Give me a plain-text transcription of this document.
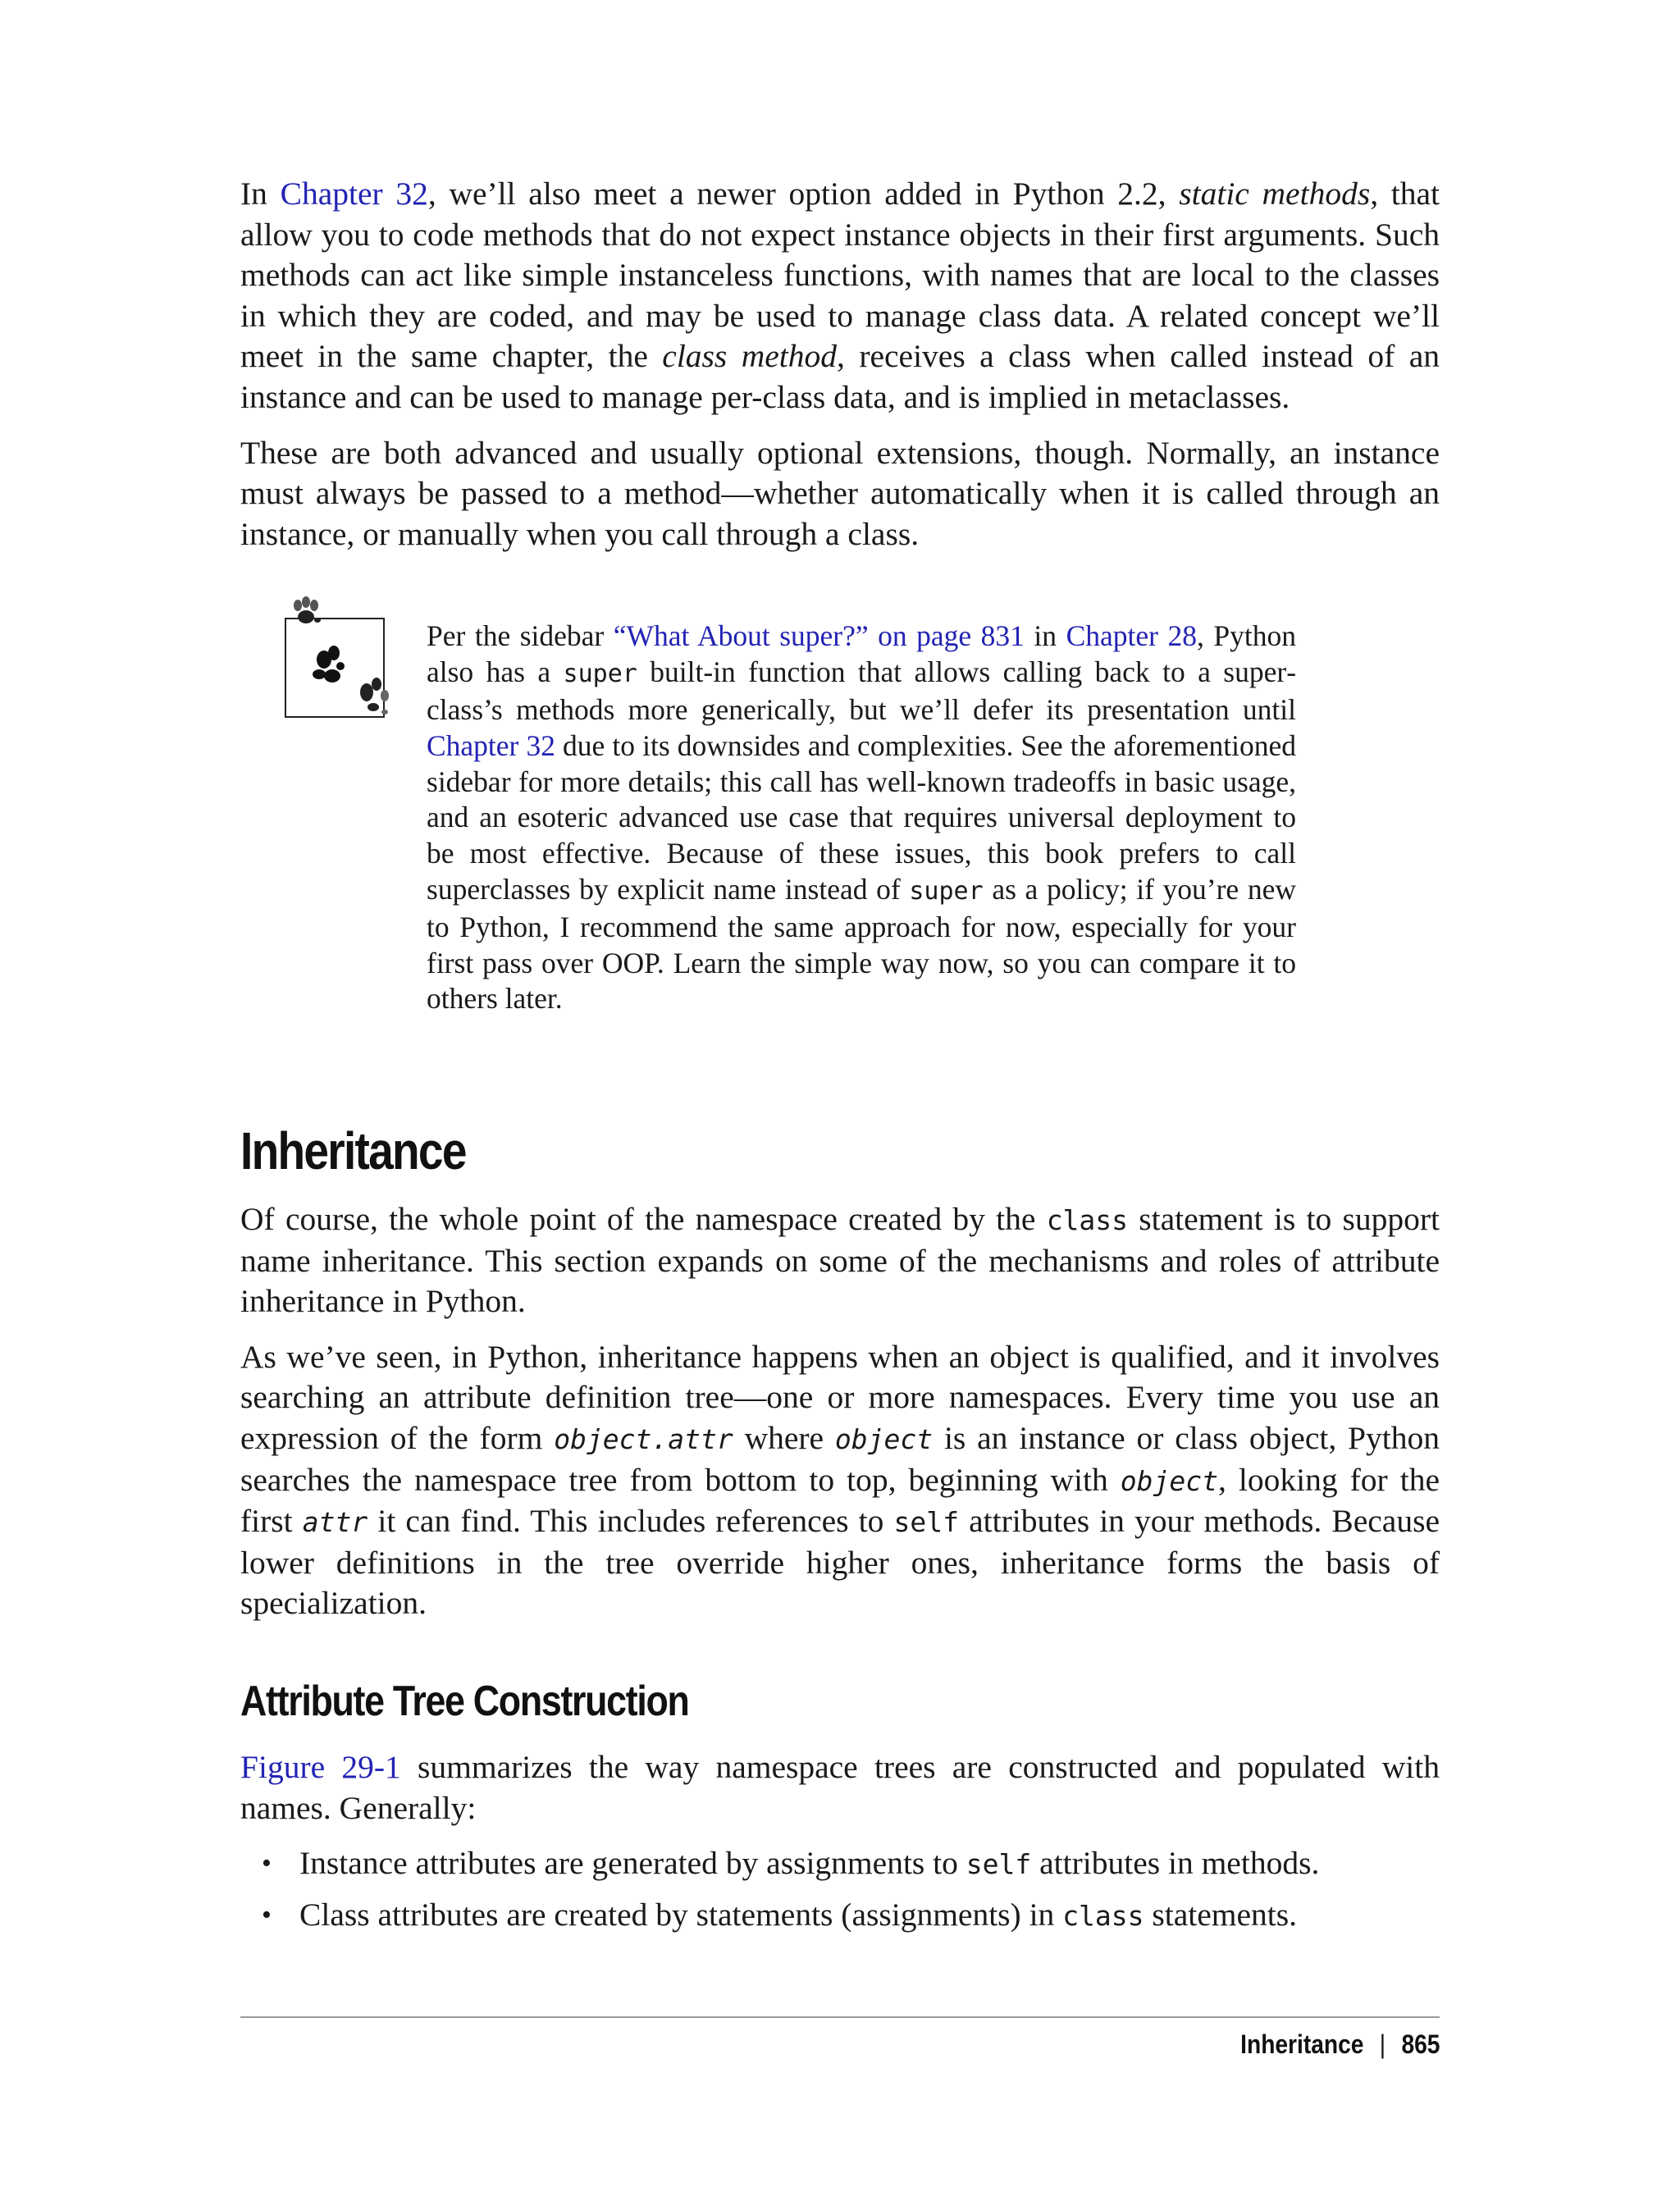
In Chapter 32, we’ll also meet a newer option added in Python 2.2, static methods, that allow you to code methods that do not expect instance objects in their first arguments. Such methods can act like simple instanceless functions, with names that are local to the classes in which they are coded, and may be used to manage class data. A related concept we’ll meet in the same chapter, the class method, receives a class when called instead of an instance and can be used to manage per-class data, and is implied in metaclasses.

These are both advanced and usually optional extensions, though. Normally, an instance must always be passed to a method—whether automatically when it is called through an instance, or manually when you call through a class.

Per the sidebar “What About super?” on page 831 in Chapter 28, Python also has a super built-in function that allows calling back to a superclass’s methods more generically, but we’ll defer its presentation until Chapter 32 due to its downsides and complexities. See the aforementioned sidebar for more details; this call has well-known tradeoffs in basic usage, and an esoteric advanced use case that requires universal deployment to be most effective. Because of these issues, this book prefers to call superclasses by explicit name instead of super as a policy; if you’re new to Python, I recommend the same approach for now, especially for your first pass over OOP. Learn the simple way now, so you can compare it to others later.
Inheritance

Of course, the whole point of the namespace created by the class statement is to support name inheritance. This section expands on some of the mechanisms and roles of attribute inheritance in Python.

As we’ve seen, in Python, inheritance happens when an object is qualified, and it involves searching an attribute definition tree—one or more namespaces. Every time you use an expression of the form object.attr where object is an instance or class object, Python searches the namespace tree from bottom to top, beginning with object, looking for the first attr it can find. This includes references to self attributes in your methods. Because lower definitions in the tree override higher ones, inheritance forms the basis of specialization.

Attribute Tree Construction

Figure 29-1 summarizes the way namespace trees are constructed and populated with names. Generally:

• Instance attributes are generated by assignments to self attributes in methods.
• Class attributes are created by statements (assignments) in class statements.
Inheritance | 865
